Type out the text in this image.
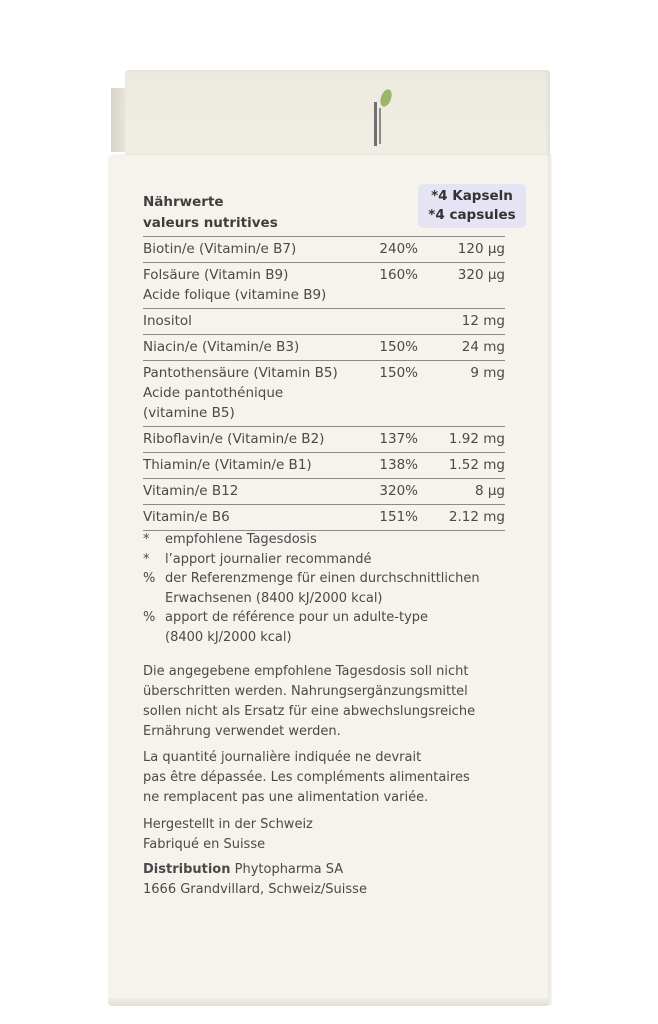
Nährwerte
valeurs nutritives
*4 Kapseln
*4 capsules
Biotin/e (Vitamin/e B7)	240%	120 µg

Folsäure (Vitamin B9)
Acide folique (vitamine B9)	160%	320 µg

Inositol		12 mg

Niacin/e (Vitamin/e B3)	150%	24 mg

Pantothensäure (Vitamin B5)
Acide pantothénique
(vitamine B5)	150%	9 mg

Riboflavin/e (Vitamin/e B2)	137%	1.92 mg

Thiamin/e (Vitamin/e B1)	138%	1.52 mg

Vitamin/e B12	320%	8 µg

Vitamin/e B6	151%	2.12 mg
*	empfohlene Tagesdosis
*	l’apport journalier recommandé
% der Referenzmenge für einen durchschnittlichen
Erwachsenen (8400 kJ/2000 kcal)
% apport de référence pour un adulte-type
(8400 kJ/2000 kcal)
Die angegebene empfohlene Tagesdosis soll nicht
überschritten werden. Nahrungsergänzungsmittel
sollen nicht als Ersatz für eine abwechslungsreiche
Ernährung verwendet werden.
La quantité journalière indiquée ne devrait
pas être dépassée. Les compléments alimentaires
ne remplacent pas une alimentation variée.
Hergestellt in der Schweiz
Fabriqué en Suisse
Distribution Phytopharma SA
1666 Grandvillard, Schweiz/Suisse
